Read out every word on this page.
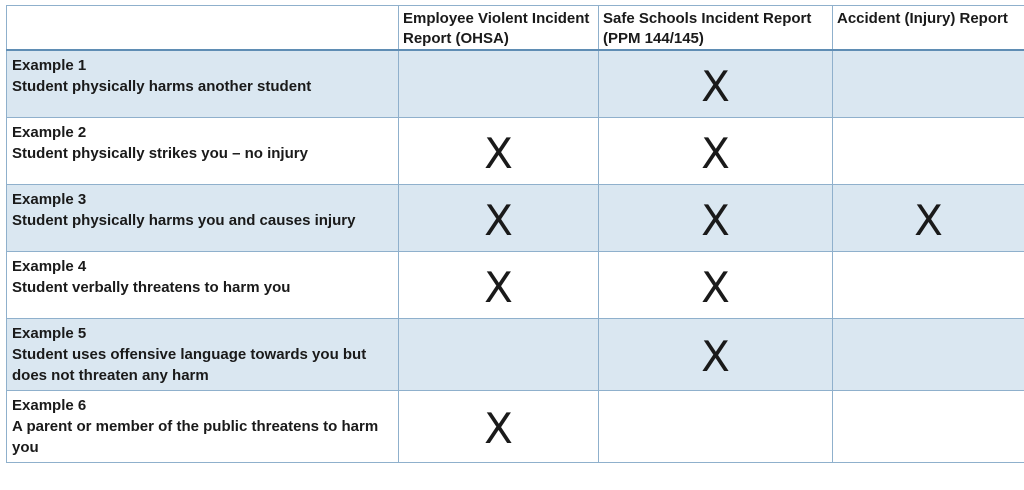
	Employee Violent Incident Report (OHSA)	Safe Schools Incident Report (PPM 144/145)	Accident (Injury) Report

Example 1
Student physically harms another student		X	

Example 2
Student physically strikes you – no injury	X	X	

Example 3
Student physically harms you and causes injury	X	X	X

Example 4
Student verbally threatens to harm you	X	X	

Example 5
Student uses offensive language towards you but does not threaten any harm		X	

Example 6
A parent or member of the public threatens to harm you	X		
